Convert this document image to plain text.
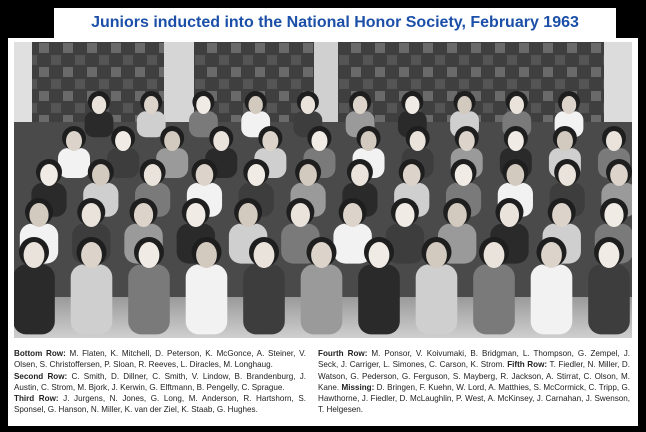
Juniors inducted into the National Honor Society, February 1963

Bottom Row: M. Flaten, K. Mitchell, D. Peterson, K. McGonce, A. Steiner, V. Olsen, S. Christoffersen, P. Sloan, R. Reeves, L. Diracles, M. Longhaug.

Second Row: C. Smith, D. Dillner, C. Smith, V. Lindow, B. Brandenburg, J. Austin, C. Strom, M. Bjork, J. Kerwin, G. Elftmann, B. Pengelly, C. Sprague.

Third Row: J. Jurgens, N. Jones, G. Long, M. Anderson, R. Hartshorn, S. Sponsel, G. Hanson, N. Miller, K. van der Ziel, K. Staab, G. Hughes.

Fourth Row: M. Ponsor, V. Koivumaki, B. Bridgman, L. Thompson, G. Zempel, J. Seck, J. Carriger, L. Simones, C. Carson, K. Strom. Fifth Row: T. Fiedler, N. Miller, D. Watson, G. Pederson, G. Ferguson, S. Mayberg, R. Jackson, A. Stirrat, C. Olson, M. Kane. Missing: D. Bringen, F. Kuehn, W. Lord, A. Matthies, S. McCormick, C. Tripp, G. Hawthorne, J. Fiedler, D. McLaughlin, P. West, A. McKinsey, J. Carnahan, J. Swenson, T. Helgesen.
